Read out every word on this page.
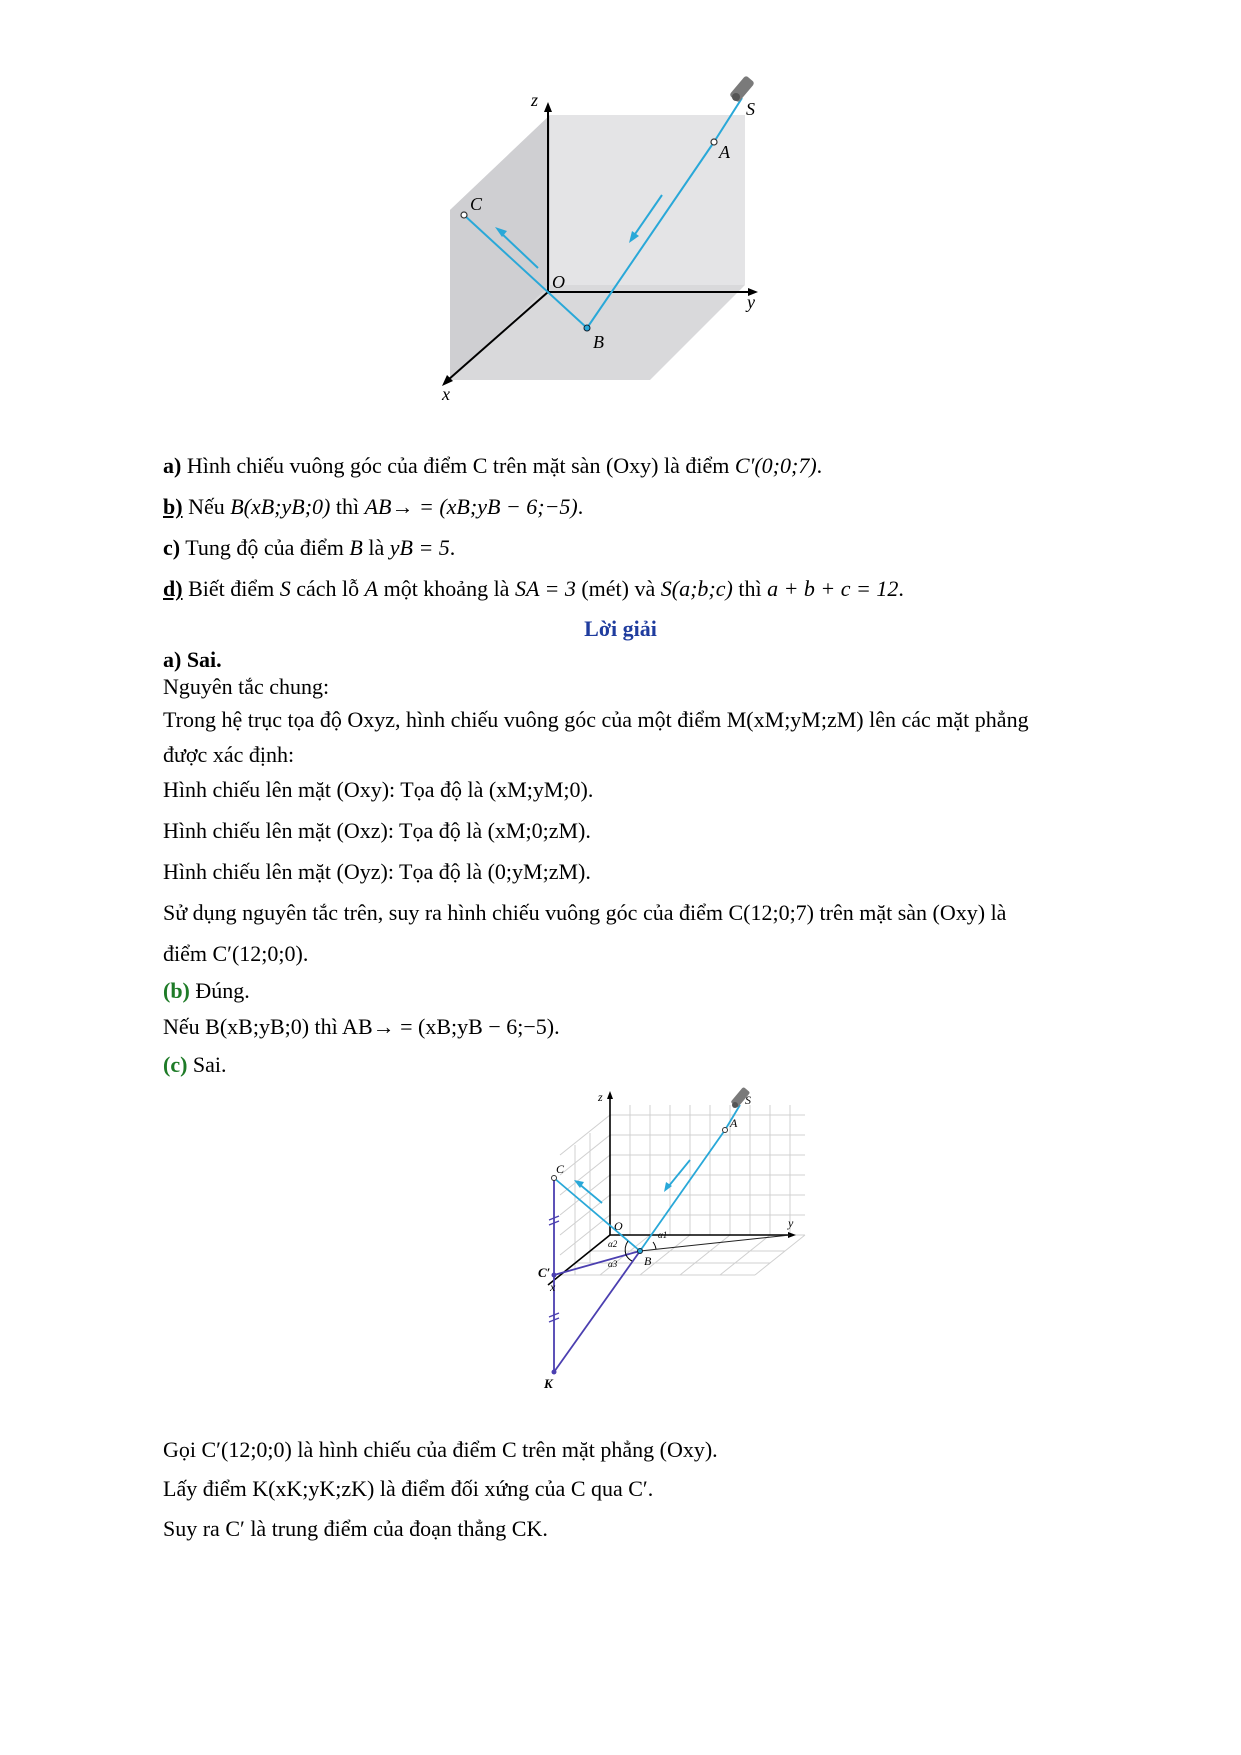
z
y
x
O
A
B
C
S
a) Hình chiếu vuông góc của điểm C trên mặt sàn (Oxy) là điểm C′(0;0;7).
b) Nếu B(xB;yB;0) thì AB→ = (xB;yB − 6;−5).
c) Tung độ của điểm B là yB = 5.
d) Biết điểm S cách lỗ A một khoảng là SA = 3 (mét) và S(a;b;c) thì a + b + c = 12.
Lời giải
a) Sai.
Nguyên tắc chung:
Trong hệ trục tọa độ Oxyz, hình chiếu vuông góc của một điểm M(xM;yM;zM) lên các mặt phẳng
được xác định:
Hình chiếu lên mặt (Oxy): Tọa độ là (xM;yM;0).
Hình chiếu lên mặt (Oxz): Tọa độ là (xM;0;zM).
Hình chiếu lên mặt (Oyz): Tọa độ là (0;yM;zM).
Sử dụng nguyên tắc trên, suy ra hình chiếu vuông góc của điểm C(12;0;7) trên mặt sàn (Oxy) là
điểm C′(12;0;0).
(b) Đúng.
Nếu B(xB;yB;0) thì AB→ = (xB;yB − 6;−5).
(c) Sai.
z
y
x
O
A
B
C
C′
K
S
α1
α2
α3
Gọi C′(12;0;0) là hình chiếu của điểm C trên mặt phẳng (Oxy).
Lấy điểm K(xK;yK;zK) là điểm đối xứng của C qua C′.
Suy ra C′ là trung điểm của đoạn thẳng CK.
